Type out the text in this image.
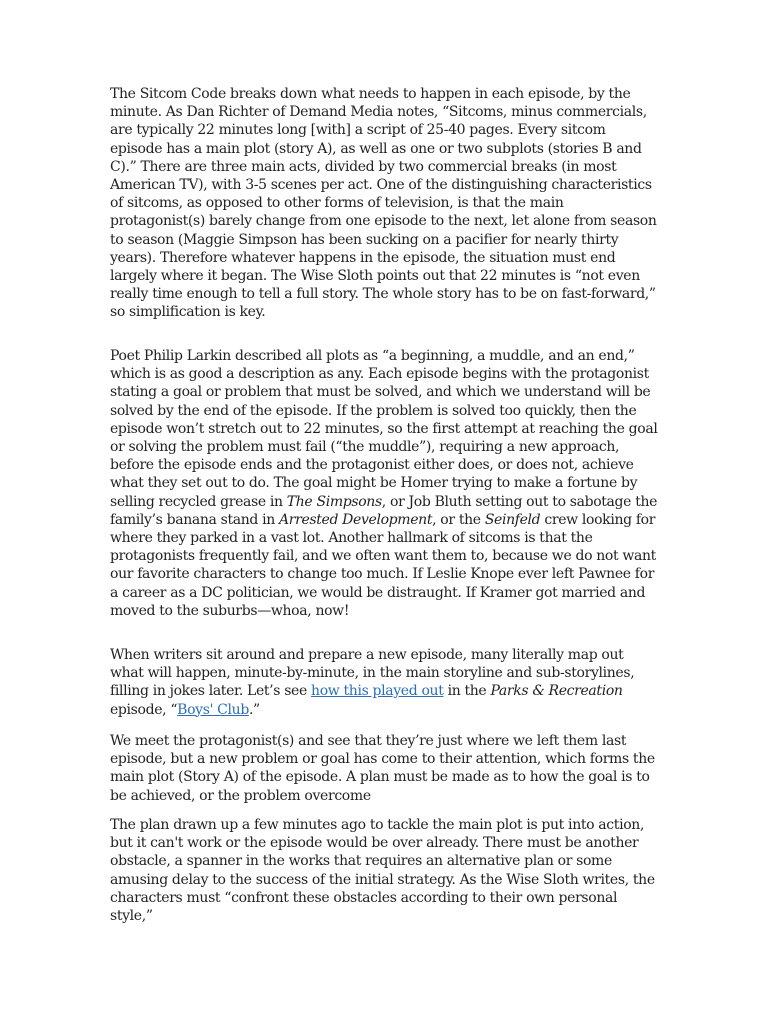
The Sitcom Code breaks down what needs to happen in each episode, by the minute. As Dan Richter of Demand Media notes, “Sitcoms, minus commercials, are typically 22 minutes long [with] a script of 25-40 pages. Every sitcom episode has a main plot (story A), as well as one or two subplots (stories B and C).” There are three main acts, divided by two commercial breaks (in most American TV), with 3-5 scenes per act. One of the distinguishing characteristics of sitcoms, as opposed to other forms of television, is that the main protagonist(s) barely change from one episode to the next, let alone from season to season (Maggie Simpson has been sucking on a pacifier for nearly thirty years). Therefore whatever happens in the episode, the situation must end largely where it began. The Wise Sloth points out that 22 minutes is “not even really time enough to tell a full story. The whole story has to be on fast-forward,” so simplification is key.

Poet Philip Larkin described all plots as “a beginning, a muddle, and an end,” which is as good a description as any. Each episode begins with the protagonist stating a goal or problem that must be solved, and which we understand will be solved by the end of the episode. If the problem is solved too quickly, then the episode won’t stretch out to 22 minutes, so the first attempt at reaching the goal or solving the problem must fail (“the muddle”), requiring a new approach, before the episode ends and the protagonist either does, or does not, achieve what they set out to do. The goal might be Homer trying to make a fortune by selling recycled grease in The Simpsons, or Job Bluth setting out to sabotage the family’s banana stand in Arrested Development, or the Seinfeld crew looking for where they parked in a vast lot. Another hallmark of sitcoms is that the protagonists frequently fail, and we often want them to, because we do not want our favorite characters to change too much. If Leslie Knope ever left Pawnee for a career as a DC politician, we would be distraught. If Kramer got married and moved to the suburbs—whoa, now!

When writers sit around and prepare a new episode, many literally map out what will happen, minute-by-minute, in the main storyline and sub-storylines, filling in jokes later. Let’s see how this played out in the Parks & Recreation episode, “Boys' Club.”

We meet the protagonist(s) and see that they’re just where we left them last episode, but a new problem or goal has come to their attention, which forms the main plot (Story A) of the episode. A plan must be made as to how the goal is to be achieved, or the problem overcome

The plan drawn up a few minutes ago to tackle the main plot is put into action, but it can't work or the episode would be over already. There must be another obstacle, a spanner in the works that requires an alternative plan or some amusing delay to the success of the initial strategy. As the Wise Sloth writes, the characters must “confront these obstacles according to their own personal style,”
